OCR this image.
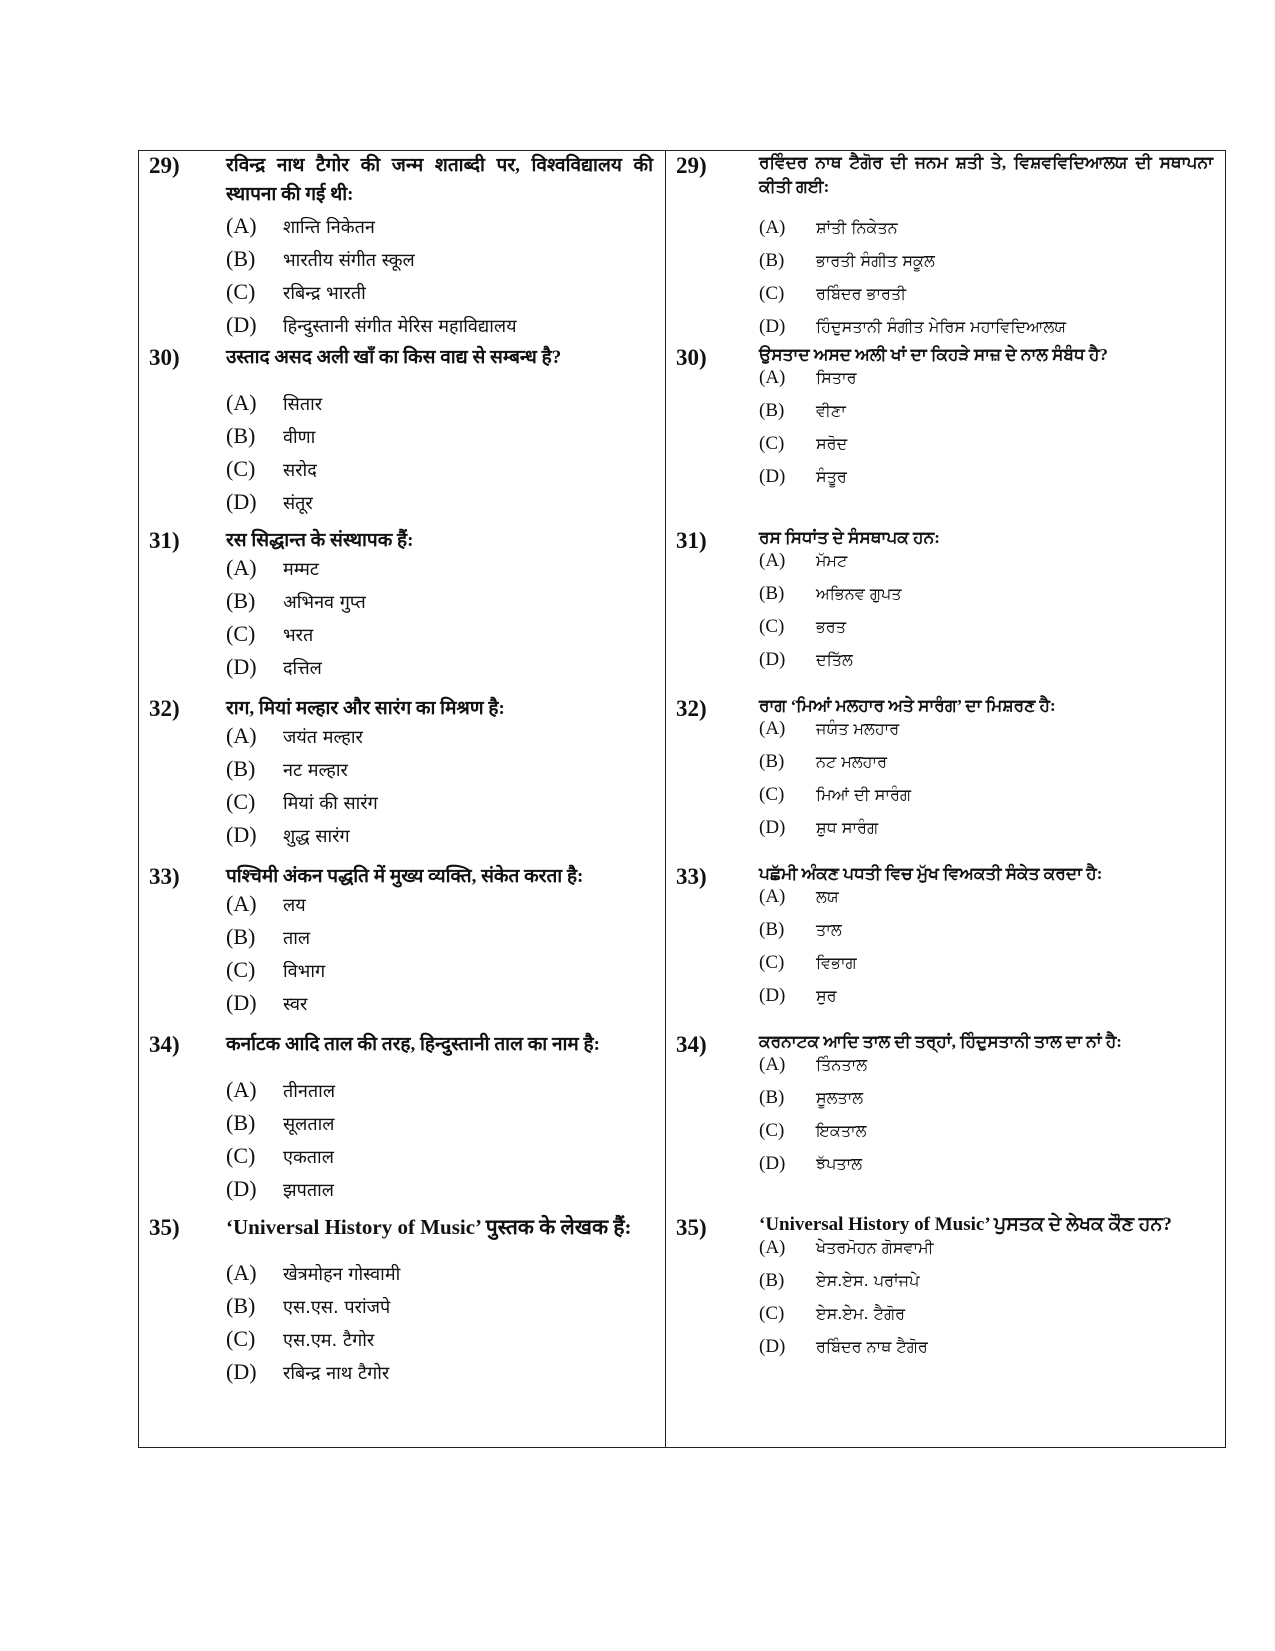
29) रविन्द्र नाथ टैगोर की जन्म शताब्दी पर, विश्वविद्यालय की स्थापना की गई थी:
(A)	शान्ति निकेतन
(B)	भारतीय संगीत स्कूल
(C)	रबिन्द्र भारती
(D)	हिन्दुस्तानी संगीत मेरिस महाविद्यालय
30) उस्ताद असद अली खाँ का किस वाद्य से सम्बन्ध है?
(A)	सितार
(B)	वीणा
(C)	सरोद
(D)	संतूर
31) रस सिद्धान्त के संस्थापक हैं:
(A)	मम्मट
(B)	अभिनव गुप्त
(C)	भरत
(D)	दत्तिल
32) राग, मियां मल्हार और सारंग का मिश्रण है:
(A)	जयंत मल्हार
(B)	नट मल्हार
(C)	मियां की सारंग
(D)	शुद्ध सारंग
33) पश्चिमी अंकन पद्धति में मुख्य व्यक्ति, संकेत करता है:
(A)	लय
(B)	ताल
(C)	विभाग
(D)	स्वर
34) कर्नाटक आदि ताल की तरह, हिन्दुस्तानी ताल का नाम है:
(A)	तीनताल
(B)	सूलताल
(C)	एकताल
(D)	झपताल
35) ‘Universal History of Music’ पुस्तक के लेखक हैं:
(A)	खेत्रमोहन गोस्वामी
(B)	एस.एस. परांजपे
(C)	एस.एम. टैगोर
(D)	रबिन्द्र नाथ टैगोर
29)	ਰਵਿੰਦਰ ਨਾਥ ਟੈਗੋਰ ਦੀ ਜਨਮ ਸ਼ਤੀ ਤੇ, ਵਿਸ਼ਵਵਿਦਿਆਲਯ ਦੀ ਸਥਾਪਨਾ ਕੀਤੀ ਗਈ:
(A)	ਸ਼ਾਂਤੀ ਨਿਕੇਤਨ
(B)	ਭਾਰਤੀ ਸੰਗੀਤ ਸਕੂਲ
(C)	ਰਬਿੰਦਰ ਭਾਰਤੀ
(D)	ਹਿੰਦੁਸਤਾਨੀ ਸੰਗੀਤ ਮੇਰਿਸ ਮਹਾਵਿਦਿਆਲਯ
30)	ਉਸਤਾਦ ਅਸਦ ਅਲੀ ਖਾਂ ਦਾ ਕਿਹੜੇ ਸਾਜ਼ ਦੇ ਨਾਲ ਸੰਬੰਧ ਹੈ?
(A)	ਸਿਤਾਰ
(B)	ਵੀਣਾ
(C)	ਸਰੋਦ
(D)	ਸੰਤੂਰ
31)	ਰਸ ਸਿਧਾਂਤ ਦੇ ਸੰਸਥਾਪਕ ਹਨ:
(A)	ਮੱਮਟ
(B)	ਅਭਿਨਵ ਗੁਪਤ
(C)	ਭਰਤ
(D)	ਦਤਿੱਲ
32)	ਰਾਗ ‘ਮਿਆਂ ਮਲਹਾਰ ਅਤੇ ਸਾਰੰਗ’ ਦਾ ਮਿਸ਼ਰਣ ਹੈ:
(A)	ਜਯੰਤ ਮਲਹਾਰ
(B)	ਨਟ ਮਲਹਾਰ
(C)	ਮਿਆਂ ਦੀ ਸਾਰੰਗ
(D)	ਸ਼ੁਧ ਸਾਰੰਗ
33)	ਪਛੱਮੀ ਅੰਕਣ ਪਧਤੀ ਵਿਚ ਮੁੱਖ ਵਿਅਕਤੀ ਸੰਕੇਤ ਕਰਦਾ ਹੈ:
(A)	ਲਯ
(B)	ਤਾਲ
(C)	ਵਿਭਾਗ
(D)	ਸੁਰ
34)	ਕਰਨਾਟਕ ਆਦਿ ਤਾਲ ਦੀ ਤਰ੍ਹਾਂ, ਹਿੰਦੁਸਤਾਨੀ ਤਾਲ ਦਾ ਨਾਂ ਹੈ:
(A)	ਤਿੰਨਤਾਲ
(B)	ਸੂਲਤਾਲ
(C)	ਇਕਤਾਲ
(D)	ਝੱਪਤਾਲ
35)	‘Universal History of Music’ ਪੁਸਤਕ ਦੇ ਲੇਖਕ ਕੌਣ ਹਨ?
(A)	ਖੇਤਰਮੋਹਨ ਗੋਸਵਾਮੀ
(B)	ਏਸ.ਏਸ. ਪਰਾਂਜਪੇ
(C)	ਏਸ.ਏਮ. ਟੈਗੋਰ
(D)	ਰਬਿੰਦਰ ਨਾਥ ਟੈਗੋਰ
